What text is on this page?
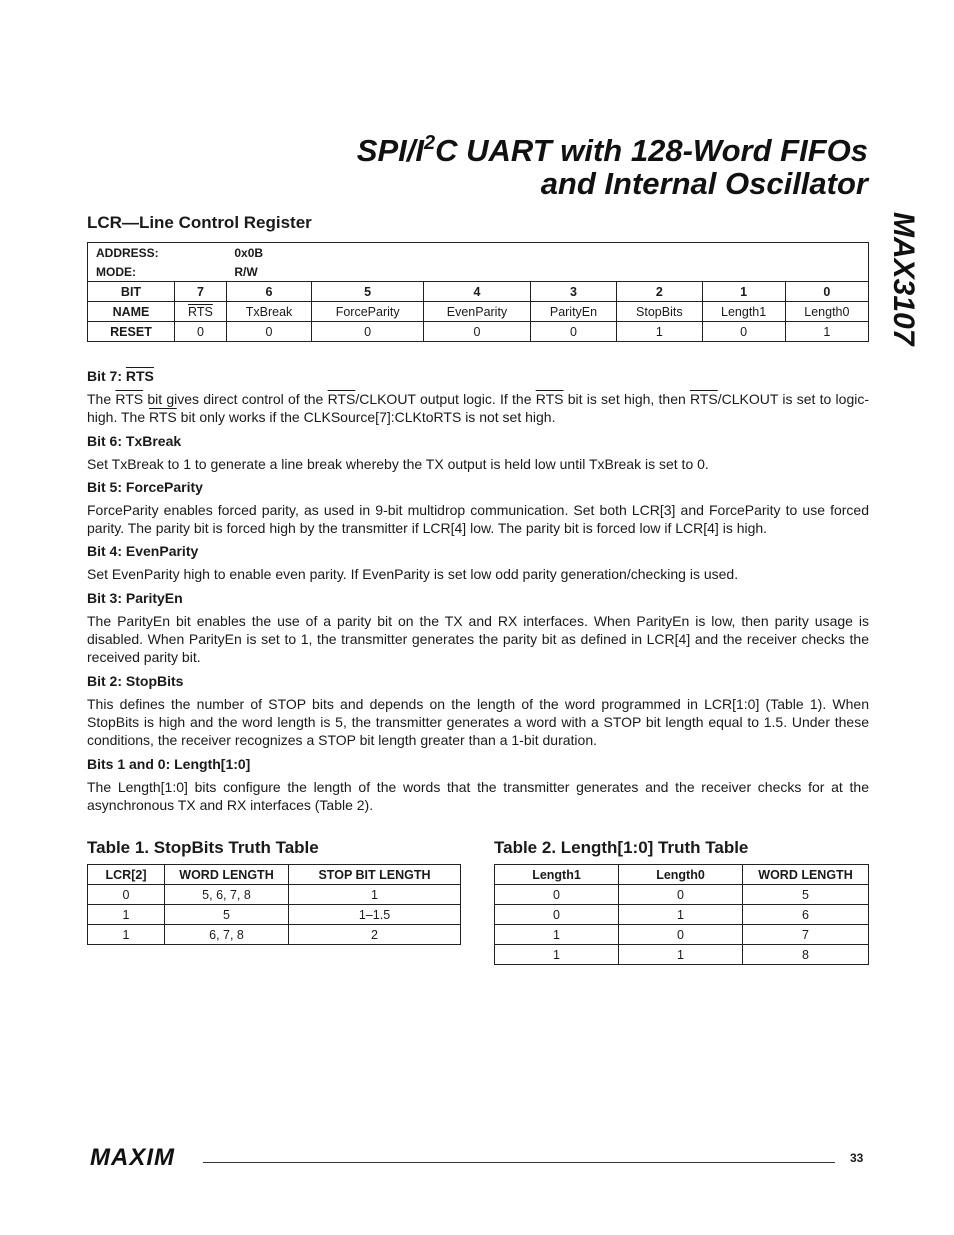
SPI/$I^2C$ UART with 128-Word FIFOs
and Internal Oscillator
MAX3107
LCR—Line Control Register
ADDRESS:		0x0B						
MODE:		R/W						
BIT	7	6	5	4	3	2	1	0
NAME	$\overline{RTS}$	TxBreak	ForceParity	EvenParity	ParityEn	StopBits	Length1	Length0
RESET	0	0	0	0	0	1	0	1
Bit 7: RTS

The $\overline{RTS}$ bit gives direct control of the $\overline{RTS}$/CLKOUT output logic. If the $\overline{RTS}$ bit is set high, then $\overline{RTS}$/CLKOUT is set to logic-high. The $\overline{RTS}$ bit only works if the CLKSource[7]:CLKtoRTS is not set high.

Bit 6: TxBreak

Set TxBreak to 1 to generate a line break whereby the TX output is held low until TxBreak is set to 0.

Bit 5: ForceParity

ForceParity enables forced parity, as used in 9-bit multidrop communication. Set both LCR[3] and ForceParity to use forced parity. The parity bit is forced high by the transmitter if LCR[4] low. The parity bit is forced low if LCR[4] is high.

Bit 4: EvenParity

Set EvenParity high to enable even parity. If EvenParity is set low odd parity generation/checking is used.

Bit 3: ParityEn

The ParityEn bit enables the use of a parity bit on the TX and RX interfaces. When ParityEn is low, then parity usage is disabled. When ParityEn is set to 1, the transmitter generates the parity bit as defined in LCR[4] and the receiver checks the received parity bit.

Bit 2: StopBits

This defines the number of STOP bits and depends on the length of the word programmed in LCR[1:0] (Table 1). When StopBits is high and the word length is 5, the transmitter generates a word with a STOP bit length equal to 1.5. Under these conditions, the receiver recognizes a STOP bit length greater than a 1-bit duration.

Bits 1 and 0: Length[1:0]

The Length[1:0] bits configure the length of the words that the transmitter generates and the receiver checks for at the asynchronous TX and RX interfaces (Table 2).

Table 1. StopBits Truth Table
LCR[2]	WORD LENGTH	STOP BIT LENGTH
0	5, 6, 7, 8	1
1	5	1–1.5
1	6, 7, 8	2
Table 2. Length[1:0] Truth Table
Length1	Length0	WORD LENGTH
0	0	5
0	1	6
1	0	7
1	1	8
MAXIM	33
